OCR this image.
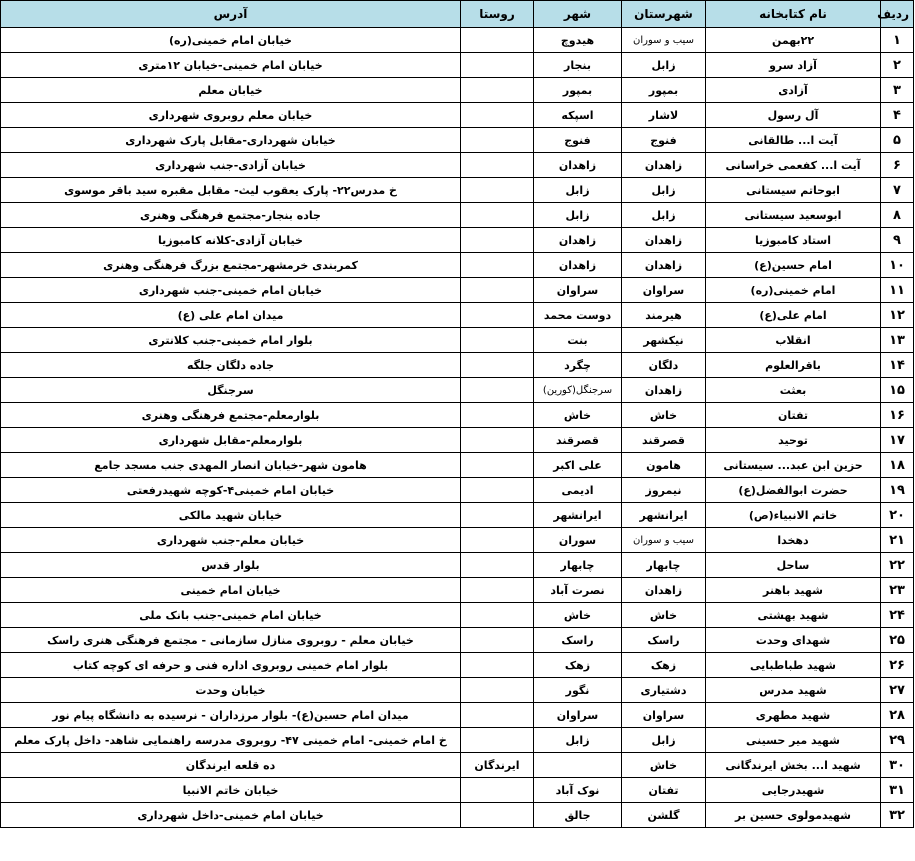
ردیف	نام کتابخانه	شهرستان	شهر	روستا	آدرس
۱	۲۲بهمن	سیب و سوران	هیدوچ		خیابان امام خمینی(ره)
۲	آزاد سرو	زابل	بنجار		خیابان امام خمینی-خیابان ۱۲متری
۳	آزادی	بمپور	بمپور		خیابان معلم
۴	آل رسول	لاشار	اسپکه		خیابان معلم روبروی شهرداری
۵	آیت ا... طالقانی	فنوج	فنوج		خیابان شهرداری-مقابل پارک شهرداری
۶	آیت ا... کفعمی خراسانی	زاهدان	زاهدان		خیابان آزادی-جنب شهرداری
۷	ابوحاتم سیستانی	زابل	زابل		خ مدرس۲۲- پارک یعقوب لیث- مقابل مقبره سید باقر موسوی
۸	ابوسعید سیستانی	زابل	زابل		جاده بنجار-مجتمع فرهنگی وهنری
۹	استاد کامبوزیا	زاهدان	زاهدان		خیابان آزادی-کلانه کامبوزیا
۱۰	امام حسین(ع)	زاهدان	زاهدان		کمربندی خرمشهر-مجتمع بزرگ فرهنگی وهنری
۱۱	امام خمینی(ره)	سراوان	سراوان		خیابان امام خمینی-جنب شهرداری
۱۲	امام علی(ع)	هیرمند	دوست محمد		میدان امام علی (ع)
۱۳	انقلاب	نیکشهر	بنت		بلوار امام خمینی-جنب کلانتری
۱۴	باقرالعلوم	دلگان	چگرد		جاده دلگان جلگه
۱۵	بعثت	زاهدان	سرجنگل(کورین)		سرجنگل
۱۶	تفتان	خاش	خاش		بلوارمعلم-مجتمع فرهنگی وهنری
۱۷	توحید	قصرقند	قصرقند		بلوارمعلم-مقابل شهرداری
۱۸	حزین ابن عبد... سیستانی	هامون	علی اکبر		هامون شهر-خیابان انصار المهدی جنب مسجد جامع
۱۹	حضرت ابوالفضل(ع)	نیمروز	ادیمی		خیابان امام خمینی۴-کوچه شهیدرفعتی
۲۰	خاتم الانبیاء(ص)	ایرانشهر	ایرانشهر		خیابان شهید مالکی
۲۱	دهخدا	سیب و سوران	سوران		خیابان معلم-جنب شهرداری
۲۲	ساحل	چابهار	چابهار		بلوار قدس
۲۳	شهید باهنر	زاهدان	نصرت آباد		خیابان امام خمینی
۲۴	شهید بهشتی	خاش	خاش		خیابان امام خمینی-جنب بانک ملی
۲۵	شهدای وحدت	راسک	راسک		خیابان معلم - روبروی منازل سازمانی - مجتمع فرهنگی هنری راسک
۲۶	شهید طباطبایی	زهک	زهک		بلوار امام خمینی روبروی اداره فنی و حرفه ای کوچه کتاب
۲۷	شهید مدرس	دشتیاری	نگور		خیابان وحدت
۲۸	شهید مطهری	سراوان	سراوان		میدان امام حسین(ع)- بلوار مرزداران - نرسیده به دانشگاه پیام نور
۲۹	شهید میر حسینی	زابل	زابل		خ امام خمینی- امام خمینی ۴۷- روبروی مدرسه راهنمایی شاهد- داخل پارک معلم
۳۰	شهید ا... بخش ایرندگانی	خاش		ایرندگان	ده قلعه ایرندگان
۳۱	شهیدرجایی	تفتان	نوک آباد		خیابان خاتم الانبیا
۳۲	شهیدمولوی حسین بر	گلشن	جالق		خیابان امام خمینی-داخل شهرداری
